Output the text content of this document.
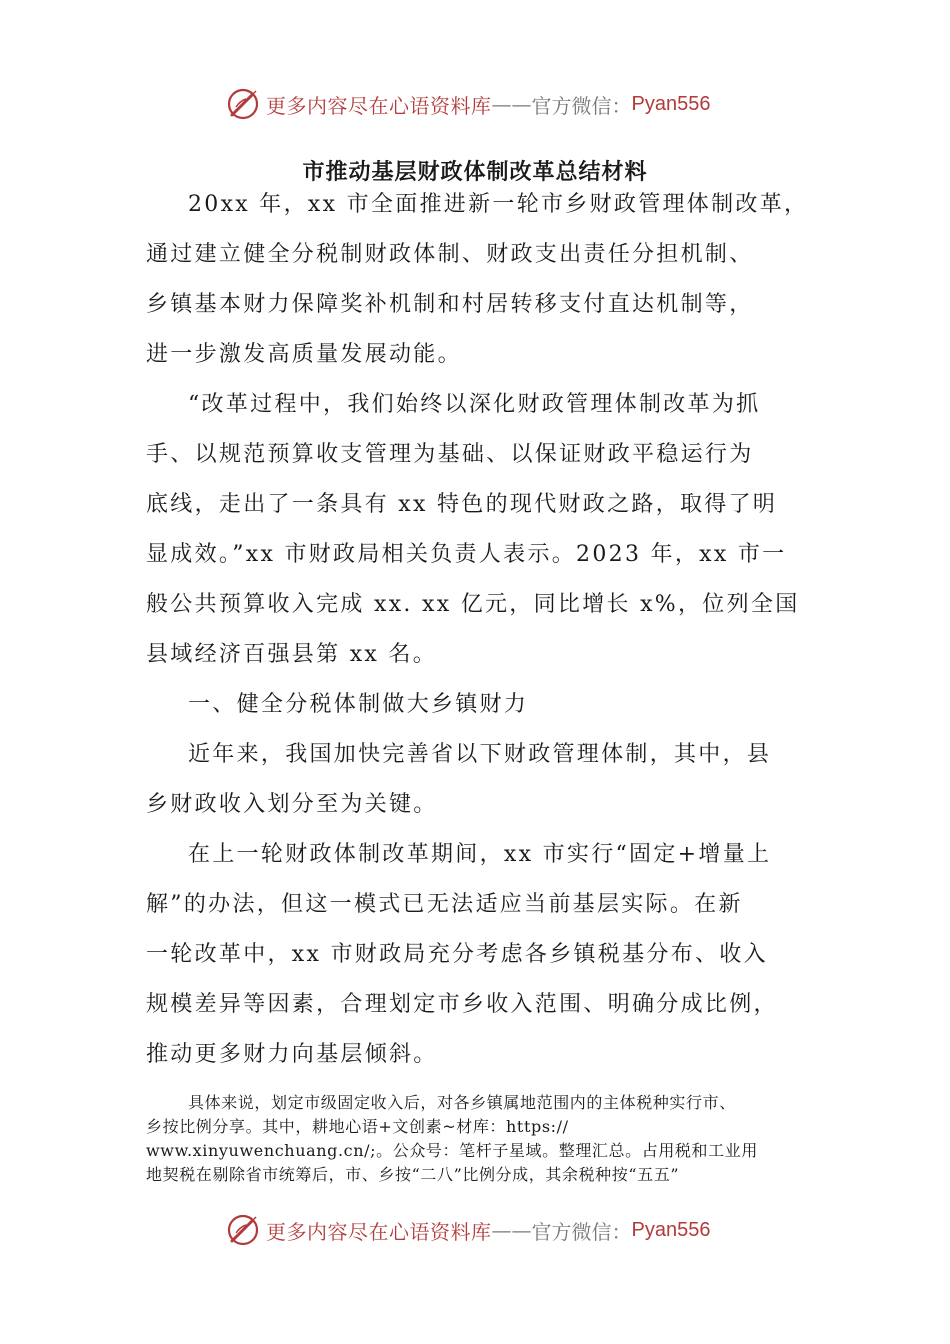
更多内容尽在心语资料库 —— 官方微信： Pyan556
市推动基层财政体制改革总结材料
20xx 年，xx 市全面推进新一轮市乡财政管理体制改革，
通过建立健全分税制财政体制、财政支出责任分担机制、
乡镇基本财力保障奖补机制和村居转移支付直达机制等，
进一步激发高质量发展动能。
“改革过程中，我们始终以深化财政管理体制改革为抓
手、以规范预算收支管理为基础、以保证财政平稳运行为
底线，走出了一条具有 xx 特色的现代财政之路，取得了明
显成效。”xx 市财政局相关负责人表示。2023 年，xx 市一
般公共预算收入完成 xx. xx 亿元，同比增长 x%，位列全国
县域经济百强县第 xx 名。
一、健全分税体制做大乡镇财力
近年来，我国加快完善省以下财政管理体制，其中，县
乡财政收入划分至为关键。
在上一轮财政体制改革期间，xx 市实行“固定+增量上
解”的办法，但这一模式已无法适应当前基层实际。在新
一轮改革中，xx 市财政局充分考虑各乡镇税基分布、收入
规模差异等因素，合理划定市乡收入范围、明确分成比例，
推动更多财力向基层倾斜。
具体来说，划定市级固定收入后，对各乡镇属地范围内的主体税种实行市、
乡按比例分享。其中，耕地心语+文创素~材库：https://
www.xinyuwenchuang.cn/;。公众号：笔杆子星域。整理汇总。占用税和工业用
地契税在剔除省市统筹后，市、乡按“二八”比例分成，其余税种按“五五”
更多内容尽在心语资料库 —— 官方微信： Pyan556
